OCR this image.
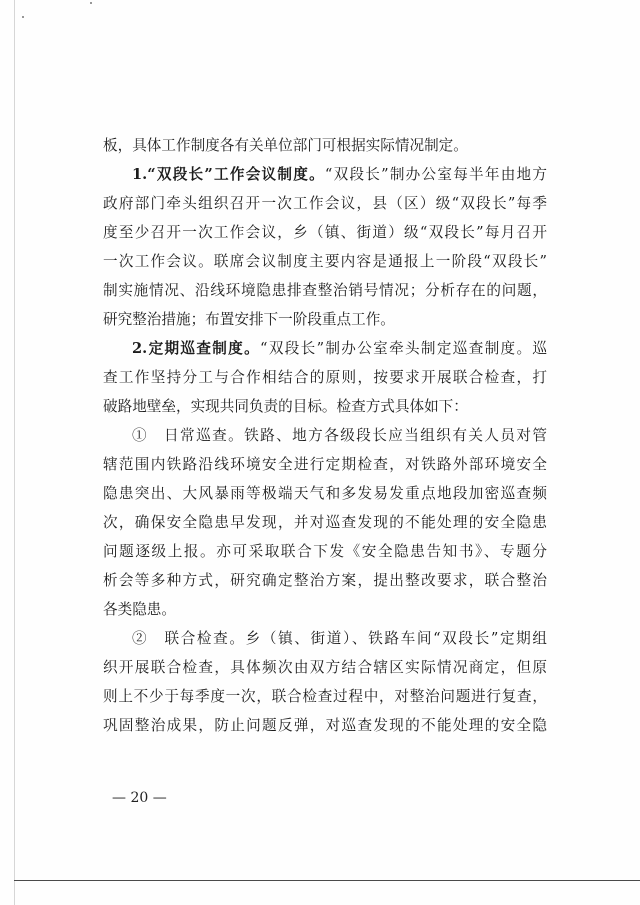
板，具体工作制度各有关单位部门可根据实际情况制定。
1.“双段长”工作会议制度。“双段长”制办公室每半年由地方
政府部门牵头组织召开一次工作会议，县（区）级“双段长”每季
度至少召开一次工作会议，乡（镇、街道）级“双段长”每月召开
一次工作会议。联席会议制度主要内容是通报上一阶段“双段长”
制实施情况、沿线环境隐患排查整治销号情况；分析存在的问题，
研究整治措施；布置安排下一阶段重点工作。
2.定期巡查制度。“双段长”制办公室牵头制定巡查制度。巡
查工作坚持分工与合作相结合的原则，按要求开展联合检查，打
破路地壁垒，实现共同负责的目标。检查方式具体如下：
①　日常巡查。铁路、地方各级段长应当组织有关人员对管
辖范围内铁路沿线环境安全进行定期检查，对铁路外部环境安全
隐患突出、大风暴雨等极端天气和多发易发重点地段加密巡查频
次，确保安全隐患早发现，并对巡查发现的不能处理的安全隐患
问题逐级上报。亦可采取联合下发《安全隐患告知书》、专题分
析会等多种方式，研究确定整治方案，提出整改要求，联合整治
各类隐患。
②　联合检查。乡（镇、街道）、铁路车间“双段长”定期组
织开展联合检查，具体频次由双方结合辖区实际情况商定，但原
则上不少于每季度一次，联合检查过程中，对整治问题进行复查，
巩固整治成果，防止问题反弹，对巡查发现的不能处理的安全隐
— 20 —
